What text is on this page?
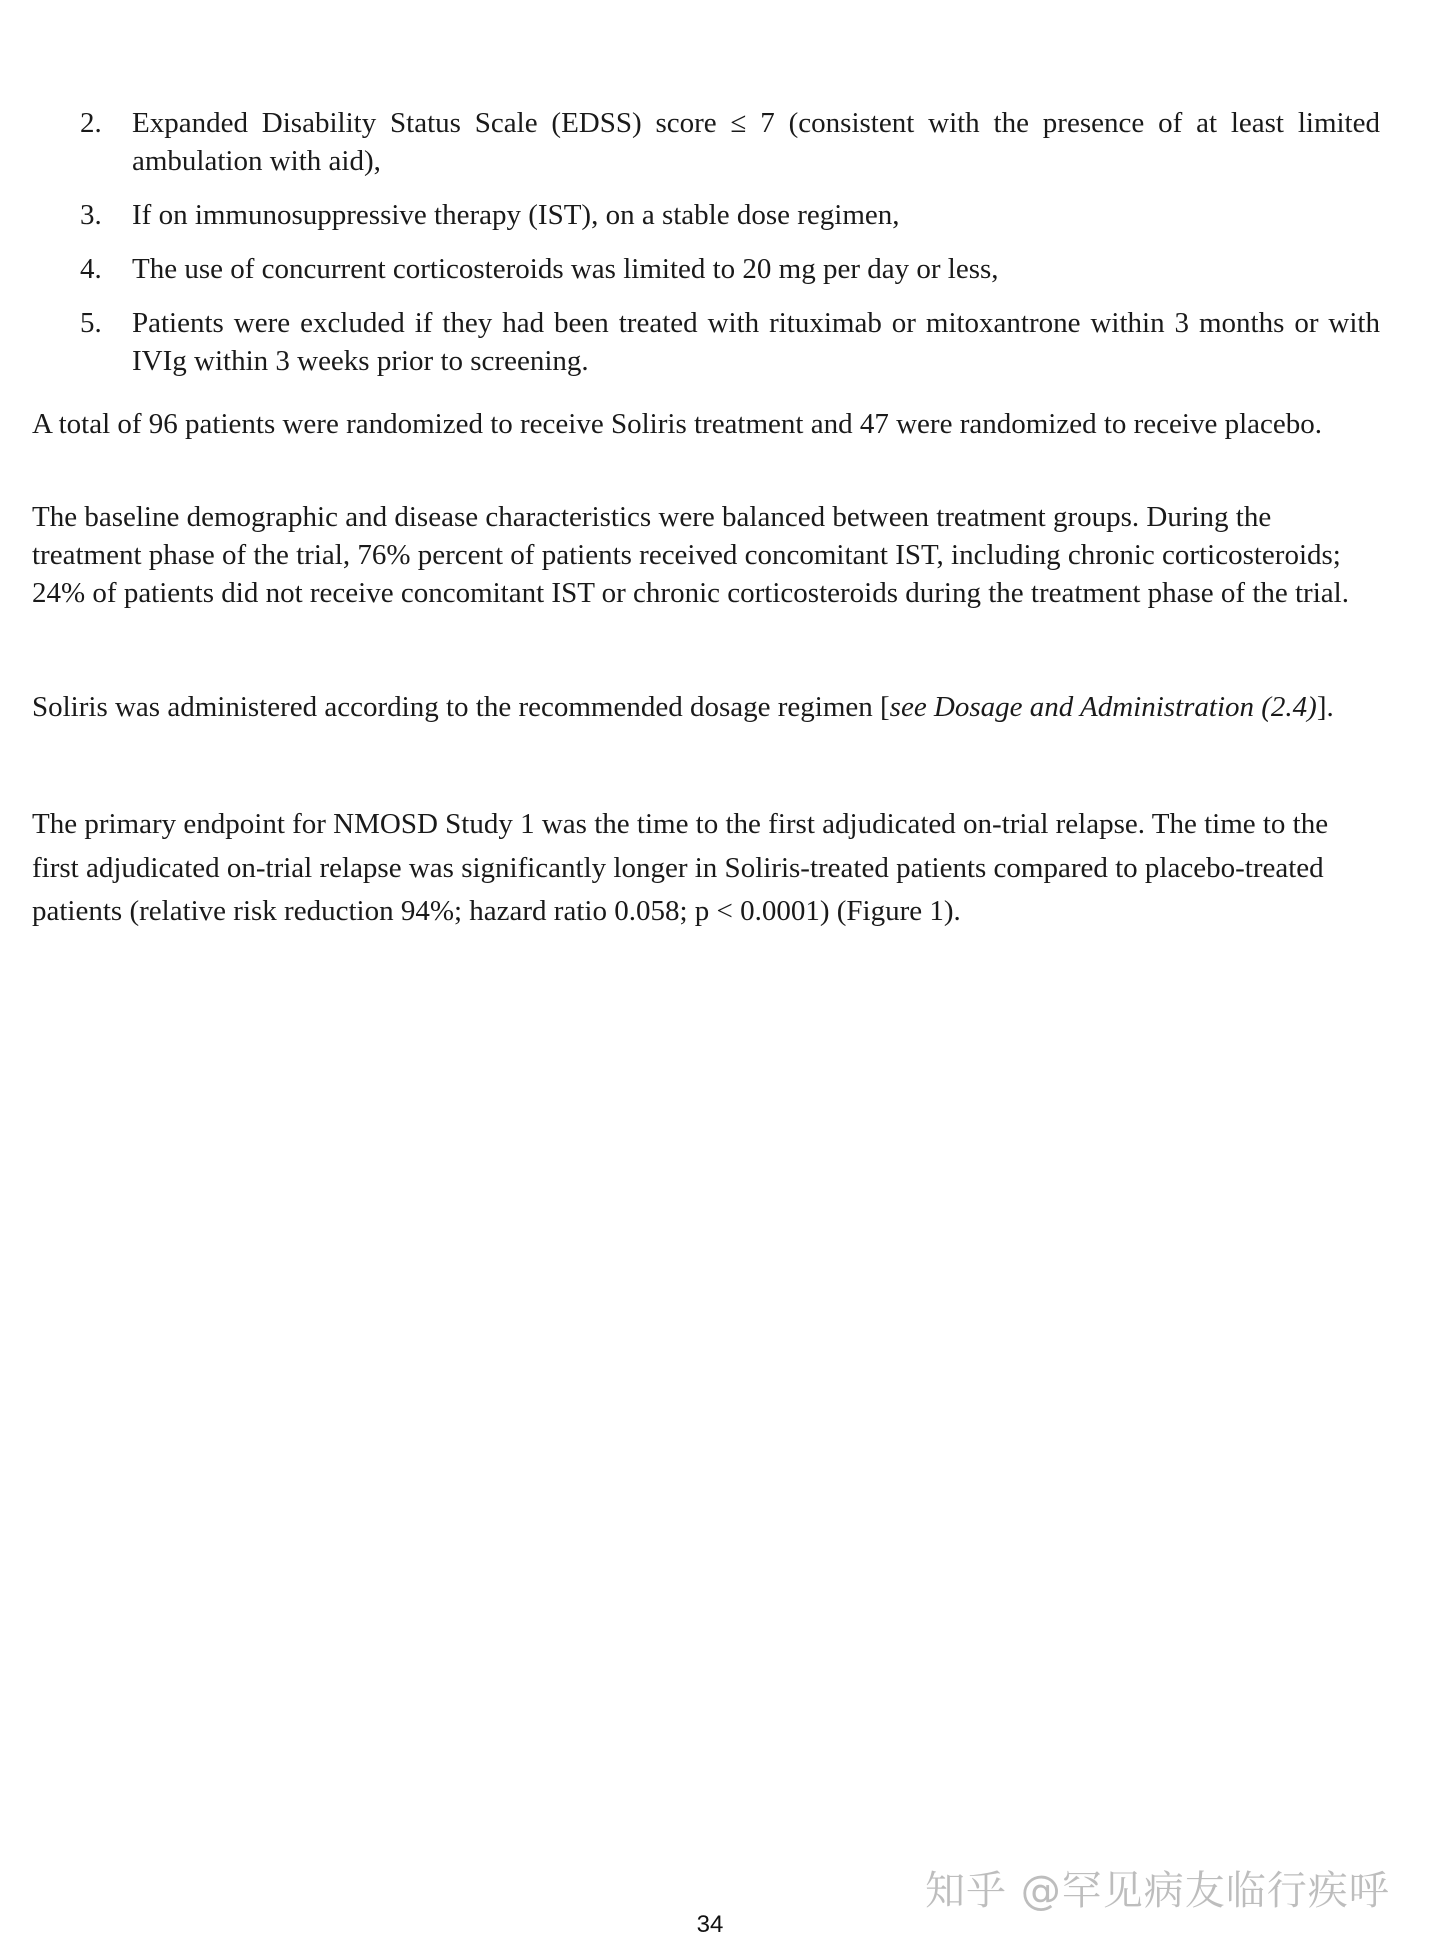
2.	Expanded Disability Status Scale (EDSS) score ≤ 7 (consistent with the presence of at least limited ambulation with aid),
3.	If on immunosuppressive therapy (IST), on a stable dose regimen,
4.	The use of concurrent corticosteroids was limited to 20 mg per day or less,
5.	Patients were excluded if they had been treated with rituximab or mitoxantrone within 3 months or with IVIg within 3 weeks prior to screening.

A total of 96 patients were randomized to receive Soliris treatment and 47 were randomized to receive placebo.

The baseline demographic and disease characteristics were balanced between treatment groups. During the treatment phase of the trial, 76% percent of patients received concomitant IST, including chronic corticosteroids; 24% of patients did not receive concomitant IST or chronic corticosteroids during the treatment phase of the trial.

Soliris was administered according to the recommended dosage regimen [see Dosage and Administration (2.4)].

The primary endpoint for NMOSD Study 1 was the time to the first adjudicated on-trial relapse. The time to the first adjudicated on-trial relapse was significantly longer in Soliris-treated patients compared to placebo-treated patients (relative risk reduction 94%; hazard ratio 0.058; p < 0.0001) (Figure 1).

知乎 @罕见病友临行疾呼
34
